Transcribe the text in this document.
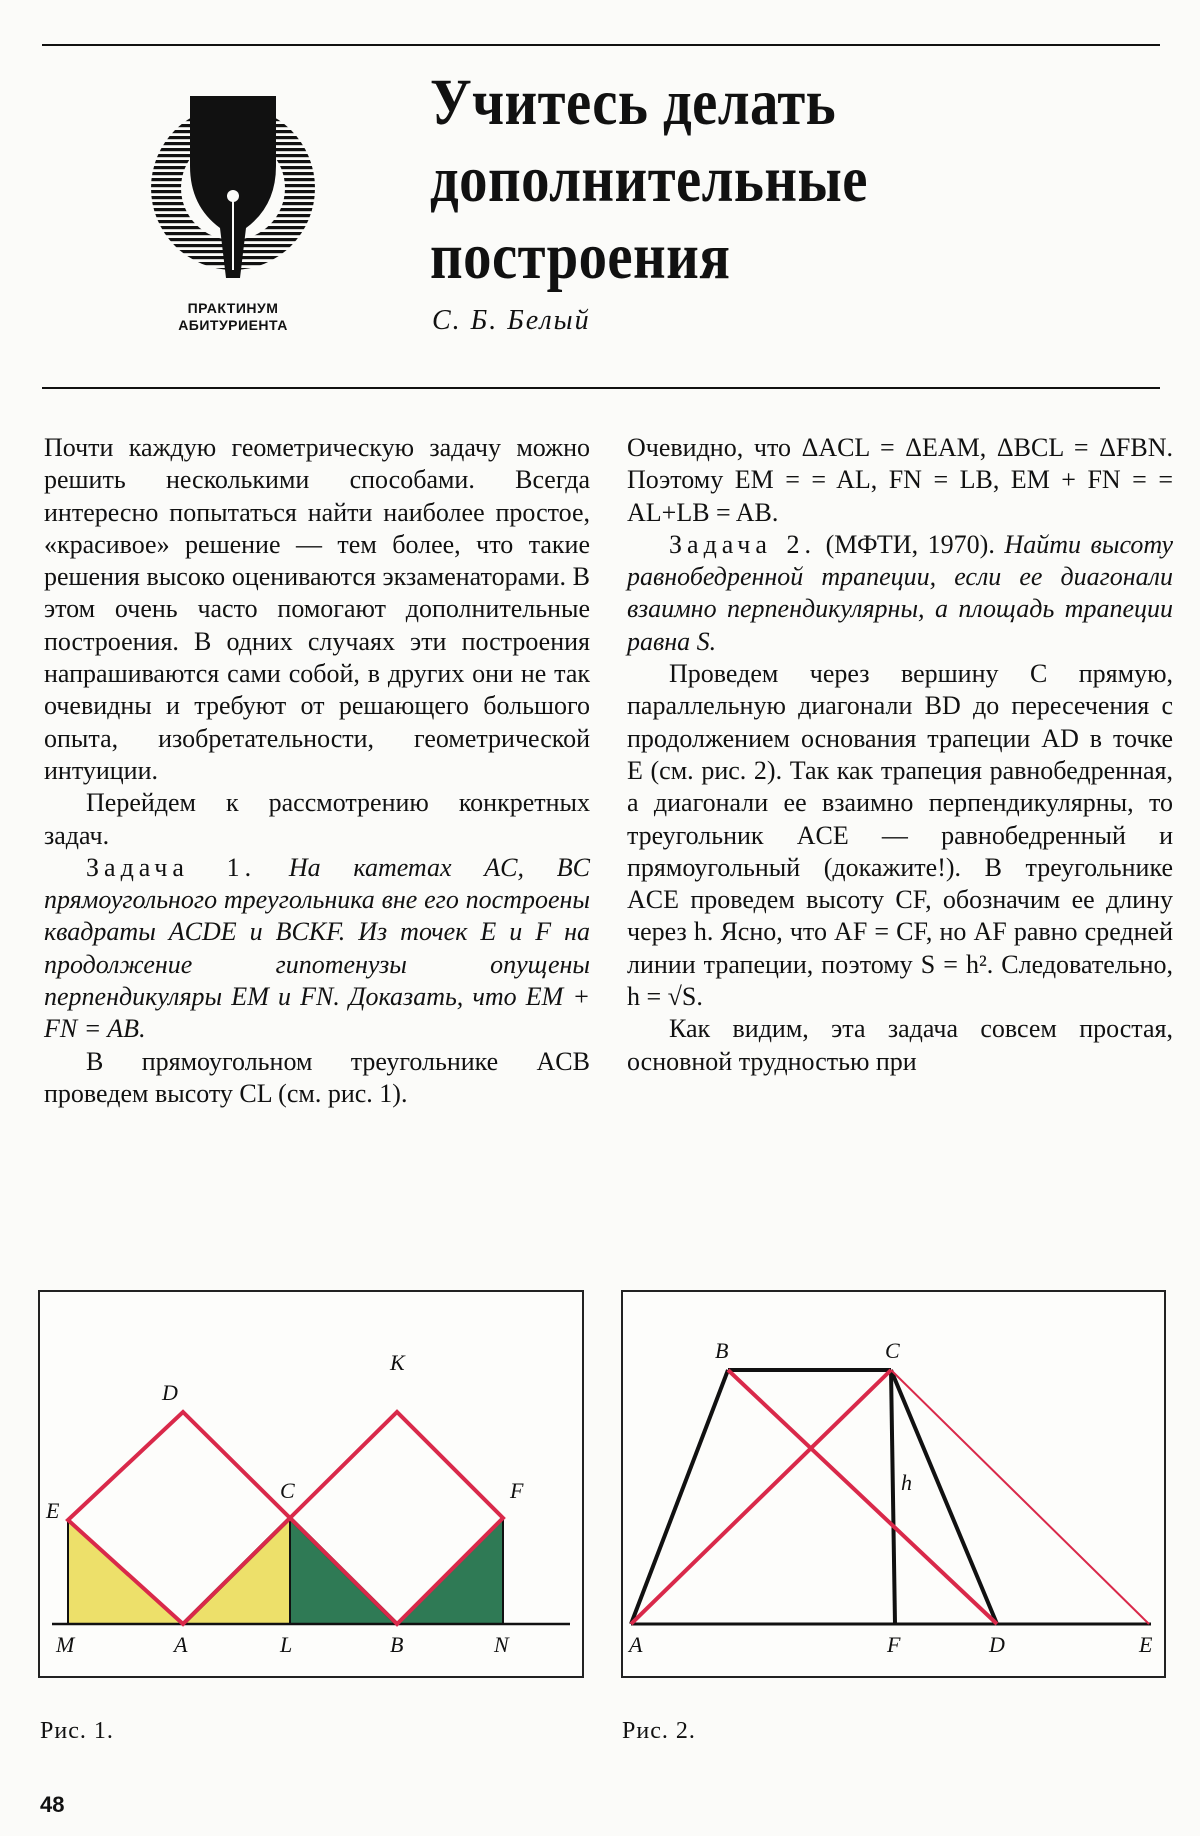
ПРАКТИНУМ
АБИТУРИЕНТА
Учитесь делать
дополнительные
построения
С. Б. Белый

Почти каждую геометрическую задачу можно решить несколькими способами. Всегда интересно попытаться найти наиболее простое, «красивое» решение — тем более, что такие решения высоко оцениваются экзаменаторами. В этом очень часто помогают дополнительные построения. В одних случаях эти построения напрашиваются сами собой, в других они не так очевидны и требуют от решающего большого опыта, изобретательности, геометрической интуиции.

Перейдем к рассмотрению конкретных задач.

Задача 1. На катетах AC, BC прямоугольного треугольника вне его построены квадраты ACDE и BCKF. Из точек E и F на продолжение гипотенузы опущены перпендикуляры EM и FN. Доказать, что EM + FN = AB.

В прямоугольном треугольнике ACB проведем высоту CL (см. рис. 1).

Очевидно, что ΔACL = ΔEAM, ΔBCL = ΔFBN. Поэтому EM = = AL, FN = LB, EM + FN = = AL+LB = AB.

Задача 2. (МФТИ, 1970). Найти высоту равнобедренной трапеции, если ее диагонали взаимно перпендикулярны, а площадь трапеции равна S.

Проведем через вершину C прямую, параллельную диагонали BD до пересечения с продолжением основания трапеции AD в точке E (см. рис. 2). Так как трапеция равнобедренная, а диагонали ее взаимно перпендикулярны, то треугольник ACE — равнобедренный и прямоугольный (докажите!). В треугольнике ACE проведем высоту CF, обозначим ее длину через h. Ясно, что AF = CF, но AF равно средней линии трапеции, поэтому S = h². Следовательно, h = √S.

Как видим, эта задача совсем простая, основной трудностью при

D
K
C
E
F
M	A	L	B	N
B	C
h
A	F	D	E
Рис. 1.	Рис. 2.
48
